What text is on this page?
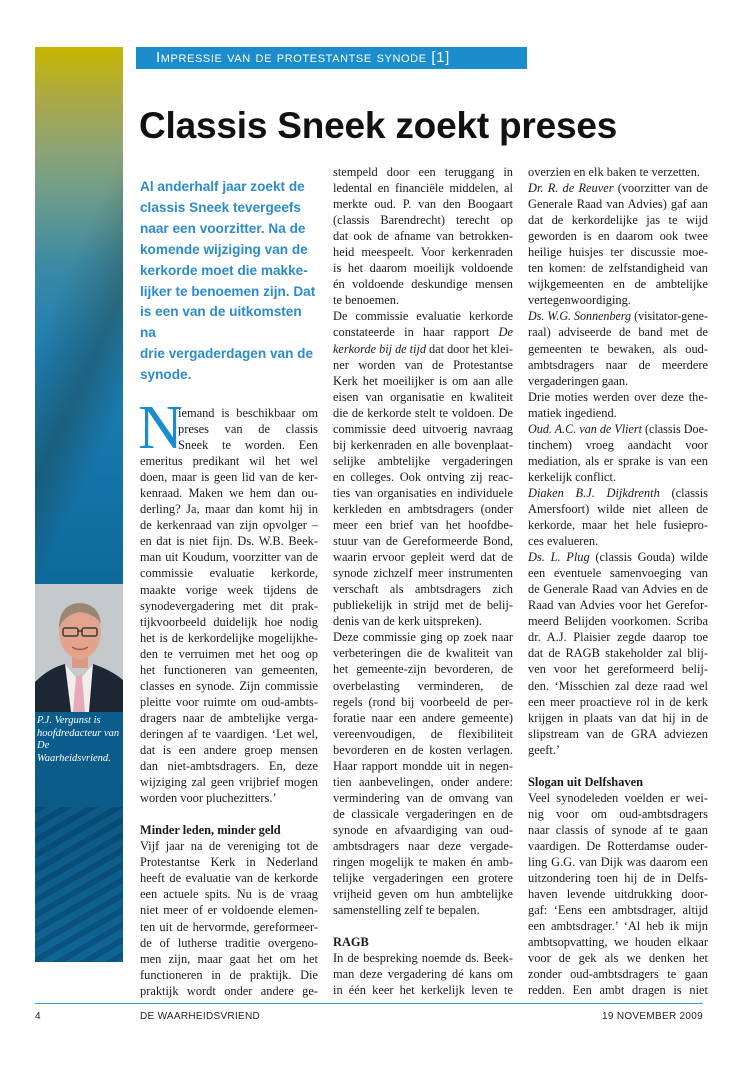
P.J. Vergunst is
hoofdredacteur van
De Waarheidsvriend.
Impressie van de protestantse synode [1]
Classis Sneek zoekt preses
Al anderhalf jaar zoekt de
classis Sneek tevergeefs
naar een voorzitter. Na de
komende wijziging van de
kerkorde moet die makke-
lijker te benoemen zijn. Dat
is een van de uitkomsten na
drie vergaderdagen van de
synode.
N
iemand is beschikbaar om
preses van de classis
Sneek te worden. Een
emeritus predikant wil het wel
doen, maar is geen lid van de ker-
kenraad. Maken we hem dan ou-
derling? Ja, maar dan komt hij in
de kerkenraad van zijn opvolger –
en dat is niet fijn. Ds. W.B. Beek-
man uit Koudum, voorzitter van de
commissie evaluatie kerkorde,
maakte vorige week tijdens de
synodevergadering met dit prak-
tijkvoorbeeld duidelijk hoe nodig
het is de kerkordelijke mogelijkhe-
den te verruimen met het oog op
het functioneren van gemeenten,
classes en synode. Zijn commissie
pleitte voor ruimte om oud-ambts-
dragers naar de ambtelijke verga-
deringen af te vaardigen. ‘Let wel,
dat is een andere groep mensen
dan niet-ambtsdragers. En, deze
wijziging zal geen vrijbrief mogen
worden voor pluchezitters.’
Minder leden, minder geld
Vijf jaar na de vereniging tot de
Protestantse Kerk in Nederland
heeft de evaluatie van de kerkorde
een actuele spits. Nu is de vraag
niet meer of er voldoende elemen-
ten uit de hervormde, gereformeer-
de of lutherse traditie overgeno-
men zijn, maar gaat het om het
functioneren in de praktijk. Die
praktijk wordt onder andere ge-
stempeld door een teruggang in
ledental en financiële middelen, al
merkte oud. P. van den Boogaart
(classis Barendrecht) terecht op
dat ook de afname van betrokken-
heid meespeelt. Voor kerkenraden
is het daarom moeilijk voldoende
én voldoende deskundige mensen
te benoemen.
De commissie evaluatie kerkorde
constateerde in haar rapport De
kerkorde bij de tijd dat door het klei-
ner worden van de Protestantse
Kerk het moeilijker is om aan alle
eisen van organisatie en kwaliteit
die de kerkorde stelt te voldoen. De
commissie deed uitvoerig navraag
bij kerkenraden en alle bovenplaat-
selijke ambtelijke vergaderingen
en colleges. Ook ontving zij reac-
ties van organisaties en individuele
kerkleden en ambtsdragers (onder
meer een brief van het hoofdbe-
stuur van de Gereformeerde Bond,
waarin ervoor gepleit werd dat de
synode zichzelf meer instrumenten
verschaft als ambtsdragers zich
publiekelijk in strijd met de belij-
denis van de kerk uitspreken).
Deze commissie ging op zoek naar
verbeteringen die de kwaliteit van
het gemeente-zijn bevorderen, de
overbelasting verminderen, de
regels (rond bij voorbeeld de per-
foratie naar een andere gemeente)
vereenvoudigen, de flexibiliteit
bevorderen en de kosten verlagen.
Haar rapport mondde uit in negen-
tien aanbevelingen, onder andere:
vermindering van de omvang van
de classicale vergaderingen en de
synode en afvaardiging van oud-
ambtsdragers naar deze vergade-
ringen mogelijk te maken én amb-
telijke vergaderingen een grotere
vrijheid geven om hun ambtelijke
samenstelling zelf te bepalen.
RAGB
In de bespreking noemde ds. Beek-
man deze vergadering dé kans om
in één keer het kerkelijk leven te
overzien en elk baken te verzetten.
Dr. R. de Reuver (voorzitter van de
Generale Raad van Advies) gaf aan
dat de kerkordelijke jas te wijd
geworden is en daarom ook twee
heilige huisjes ter discussie moe-
ten komen: de zelfstandigheid van
wijkgemeenten en de ambtelijke
vertegenwoordiging.
Ds. W.G. Sonnenberg (visitator-gene-
raal) adviseerde de band met de
gemeenten te bewaken, als oud-
ambtsdragers naar de meerdere
vergaderingen gaan.
Drie moties werden over deze the-
matiek ingediend.
Oud. A.C. van de Vliert (classis Doe-
tinchem) vroeg aandacht voor
mediation, als er sprake is van een
kerkelijk conflict.
Diaken B.J. Dijkdrenth (classis
Amersfoort) wilde niet alleen de
kerkorde, maar het hele fusiepro-
ces evalueren.
Ds. L. Plug (classis Gouda) wilde
een eventuele samenvoeging van
de Generale Raad van Advies en de
Raad van Advies voor het Gerefor-
meerd Belijden voorkomen. Scriba
dr. A.J. Plaisier zegde daarop toe
dat de RAGB stakeholder zal blij-
ven voor het gereformeerd belij-
den. ‘Misschien zal deze raad wel
een meer proactieve rol in de kerk
krijgen in plaats van dat hij in de
slipstream van de GRA adviezen
geeft.’
Slogan uit Delfshaven
Veel synodeleden voelden er wei-
nig voor om oud-ambtsdragers
naar classis of synode af te gaan
vaardigen. De Rotterdamse ouder-
ling G.G. van Dijk was daarom een
uitzondering toen hij de in Delfs-
haven levende uitdrukking door-
gaf: ‘Eens een ambtsdrager, altijd
een ambtsdrager.’ ‘Al heb ik mijn
ambtsopvatting, we houden elkaar
voor de gek als we denken het
zonder oud-ambtsdragers te gaan
redden. Een ambt dragen is niet
4	DE WAARHEIDSVRIEND	19 NOVEMBER 2009
